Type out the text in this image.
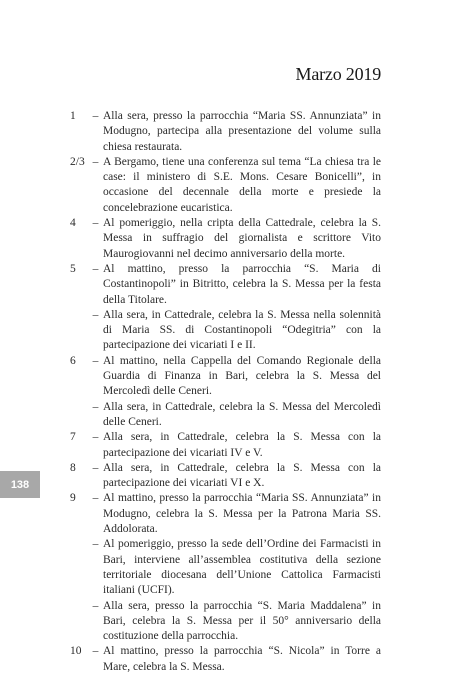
Marzo 2019
1	– Alla sera, presso la parrocchia “Maria SS. Annunziata” in Modugno, partecipa alla presentazione del volume sulla chiesa restaurata.
2/3 – A Bergamo, tiene una conferenza sul tema “La chiesa tra le case: il ministero di S.E. Mons. Cesare Bonicelli”, in occasione del decennale della morte e presiede la concelebrazione eucaristica.
4	– Al pomeriggio, nella cripta della Cattedrale, celebra la S. Messa in suffragio del giornalista e scrittore Vito Maurogiovanni nel decimo anniversario della morte.
5	– Al mattino, presso la parrocchia “S. Maria di Costantinopoli” in Bitritto, celebra la S. Messa per la festa della Titolare.
– Alla sera, in Cattedrale, celebra la S. Messa nella solennità di Maria SS. di Costantinopoli “Odegitria” con la partecipazione dei vicariati I e II.
6	– Al mattino, nella Cappella del Comando Regionale della Guardia di Finanza in Bari, celebra la S. Messa del Mercoledì delle Ceneri.
– Alla sera, in Cattedrale, celebra la S. Messa del Mercoledì delle Ceneri.
7	– Alla sera, in Cattedrale, celebra la S. Messa con la partecipazione dei vicariati IV e V.
8	– Alla sera, in Cattedrale, celebra la S. Messa con la partecipazione dei vicariati VI e X.
9	– Al mattino, presso la parrocchia “Maria SS. Annunziata” in Modugno, celebra la S. Messa per la Patrona Maria SS. Addolorata.
– Al pomeriggio, presso la sede dell’Ordine dei Farmacisti in Bari, interviene all’assemblea costitutiva della sezione territoriale diocesana dell’Unione Cattolica Farmacisti italiani (UCFI).
– Alla sera, presso la parrocchia “S. Maria Maddalena” in Bari, celebra la S. Messa per il 50° anniversario della costituzione della parrocchia.
10 – Al mattino, presso la parrocchia “S. Nicola” in Torre a Mare, celebra la S. Messa.
138
